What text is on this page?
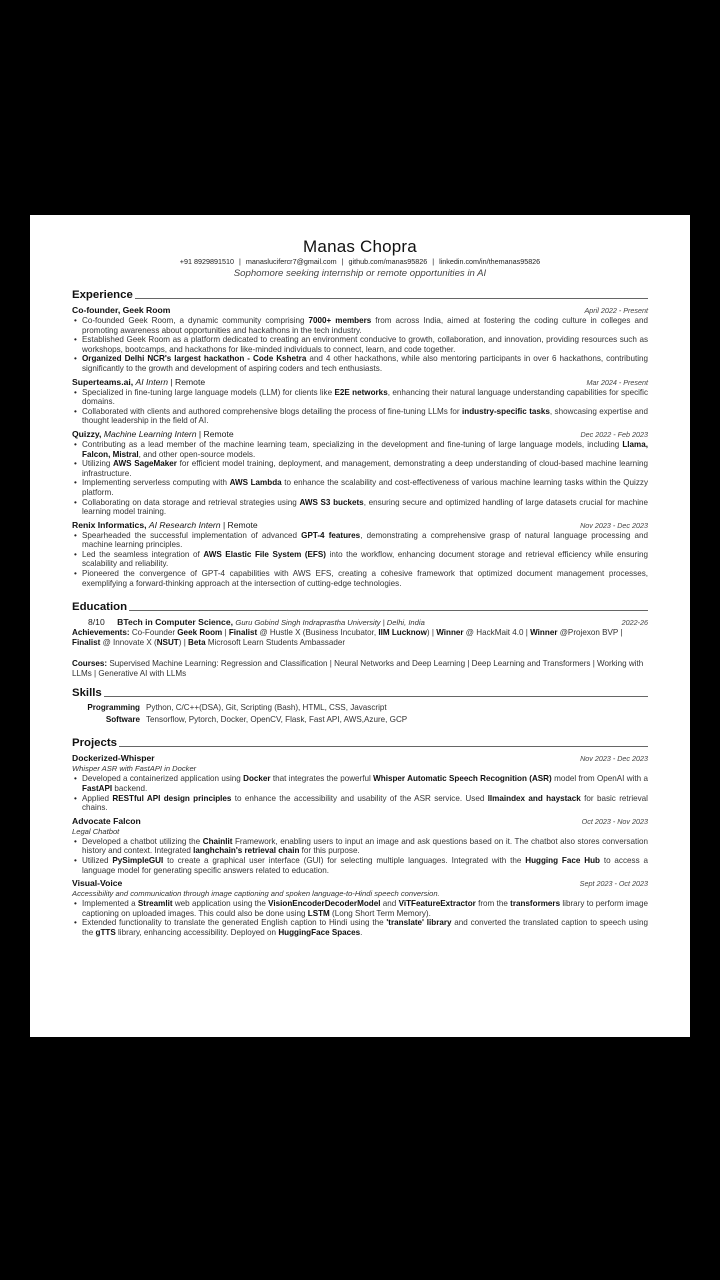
Manas Chopra
+91 8929891510 | manaslucifercr7@gmail.com | github.com/manas95826 | linkedin.com/in/themanas95826
Sophomore seeking internship or remote opportunities in AI
Experience
Co-founder, Geek Room	April 2022 - Present
• Co-founded Geek Room, a dynamic community comprising 7000+ members from across India, aimed at fostering the coding culture in colleges and promoting awareness about opportunities and hackathons in the tech industry.
• Established Geek Room as a platform dedicated to creating an environment conducive to growth, collaboration, and innovation, providing resources such as workshops, bootcamps, and hackathons for like-minded individuals to connect, learn, and code together.
• Organized Delhi NCR's largest hackathon - Code Kshetra and 4 other hackathons, while also mentoring participants in over 6 hackathons, contributing significantly to the growth and development of aspiring coders and tech enthusiasts.
Superteams.ai, AI Intern | Remote	Mar 2024 - Present
• Specialized in fine-tuning large language models (LLM) for clients like E2E networks, enhancing their natural language understanding capabilities for specific domains.
• Collaborated with clients and authored comprehensive blogs detailing the process of fine-tuning LLMs for industry-specific tasks, showcasing expertise and thought leadership in the field of AI.
Quizzy, Machine Learning Intern | Remote	Dec 2022 - Feb 2023
• Contributing as a lead member of the machine learning team, specializing in the development and fine-tuning of large language models, including Llama, Falcon, Mistral, and other open-source models.
• Utilizing AWS SageMaker for efficient model training, deployment, and management, demonstrating a deep understanding of cloud-based machine learning infrastructure.
• Implementing serverless computing with AWS Lambda to enhance the scalability and cost-effectiveness of various machine learning tasks within the Quizzy platform.
• Collaborating on data storage and retrieval strategies using AWS S3 buckets, ensuring secure and optimized handling of large datasets crucial for machine learning model training.
Renix Informatics, AI Research Intern | Remote	Nov 2023 - Dec 2023
• Spearheaded the successful implementation of advanced GPT-4 features, demonstrating a comprehensive grasp of natural language processing and machine learning principles.
• Led the seamless integration of AWS Elastic File System (EFS) into the workflow, enhancing document storage and retrieval efficiency while ensuring scalability and reliability.
• Pioneered the convergence of GPT-4 capabilities with AWS EFS, creating a cohesive framework that optimized document management processes, exemplifying a forward-thinking approach at the intersection of cutting-edge technologies.
Education
8/10 BTech in Computer Science, Guru Gobind Singh Indraprastha University | Delhi, India	2022-26
Achievements: Co-Founder Geek Room | Finalist @ Hustle X (Business Incubator, IIM Lucknow) | Winner @ HackMait 4.0 | Winner @Projexon BVP | Finalist @ Innovate X (NSUT) | Beta Microsoft Learn Students Ambassader
Courses: Supervised Machine Learning: Regression and Classification | Neural Networks and Deep Learning | Deep Learning and Transformers | Working with LLMs | Generative AI with LLMs
Skills
Programming Python, C/C++(DSA), Git, Scripting (Bash), HTML, CSS, Javascript
Software Tensorflow, Pytorch, Docker, OpenCV, Flask, Fast API, AWS,Azure, GCP
Projects
Dockerized-Whisper	Nov 2023 - Dec 2023
Whisper ASR with FastAPI in Docker
• Developed a containerized application using Docker that integrates the powerful Whisper Automatic Speech Recognition (ASR) model from OpenAI with a FastAPI backend.
• Applied RESTful API design principles to enhance the accessibility and usability of the ASR service. Used llmaindex and haystack for basic retrieval chains.
Advocate Falcon	Oct 2023 - Nov 2023
Legal Chatbot
• Developed a chatbot utilizing the Chainlit Framework, enabling users to input an image and ask questions based on it. The chatbot also stores conversation history and context. Integrated langhchain's retrieval chain for this purpose.
• Utilized PySimpleGUI to create a graphical user interface (GUI) for selecting multiple languages. Integrated with the Hugging Face Hub to access a language model for generating specific answers related to education.
Visual-Voice	Sept 2023 - Oct 2023
Accessibility and communication through image captioning and spoken language-to-Hindi speech conversion.
• Implemented a Streamlit web application using the VisionEncoderDecoderModel and ViTFeatureExtractor from the transformers library to perform image captioning on uploaded images. This could also be done using LSTM (Long Short Term Memory).
• Extended functionality to translate the generated English caption to Hindi using the 'translate' library and converted the translated caption to speech using the gTTS library, enhancing accessibility. Deployed on HuggingFace Spaces.
